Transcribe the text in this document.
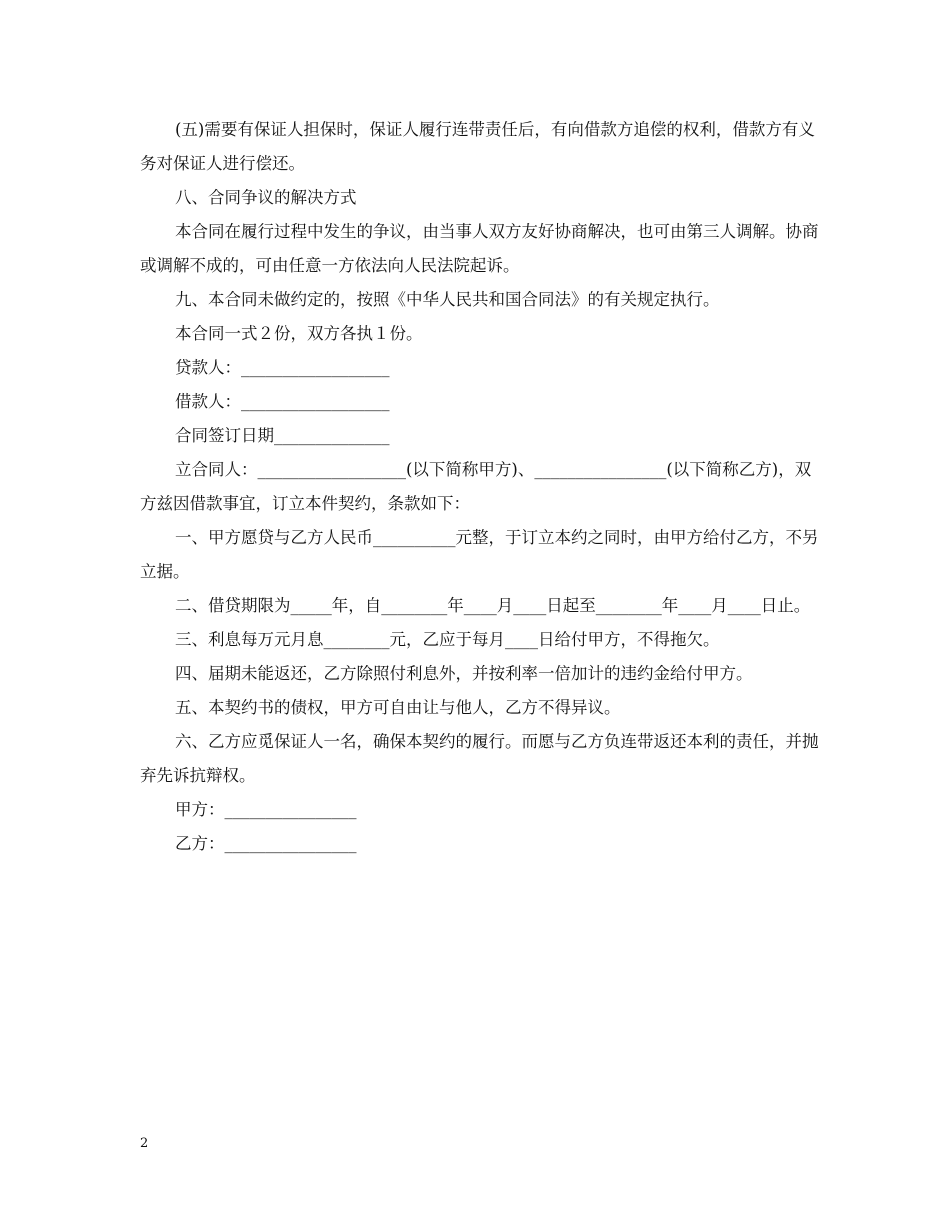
(五)需要有保证人担保时，保证人履行连带责任后，有向借款方追偿的权利，借款方有义务对保证人进行偿还。

八、合同争议的解决方式

本合同在履行过程中发生的争议，由当事人双方友好协商解决，也可由第三人调解。协商或调解不成的，可由任意一方依法向人民法院起诉。

九、本合同未做约定的，按照《中华人民共和国合同法》的有关规定执行。

本合同一式２份，双方各执１份。

贷款人：__________________

借款人：__________________

合同签订日期______________

立合同人：__________________(以下简称甲方)、________________(以下简称乙方)，双方兹因借款事宜，订立本件契约，条款如下：

一、甲方愿贷与乙方人民币__________元整，于订立本约之同时，由甲方给付乙方，不另立据。

二、借贷期限为_____年，自________年____月____日起至________年____月____日止。

三、利息每万元月息________元，乙应于每月____日给付甲方，不得拖欠。

四、届期未能返还，乙方除照付利息外，并按利率一倍加计的违约金给付甲方。

五、本契约书的债权，甲方可自由让与他人，乙方不得异议。

六、乙方应觅保证人一名，确保本契约的履行。而愿与乙方负连带返还本利的责任，并抛弃先诉抗辩权。

甲方：________________

乙方：________________

2
